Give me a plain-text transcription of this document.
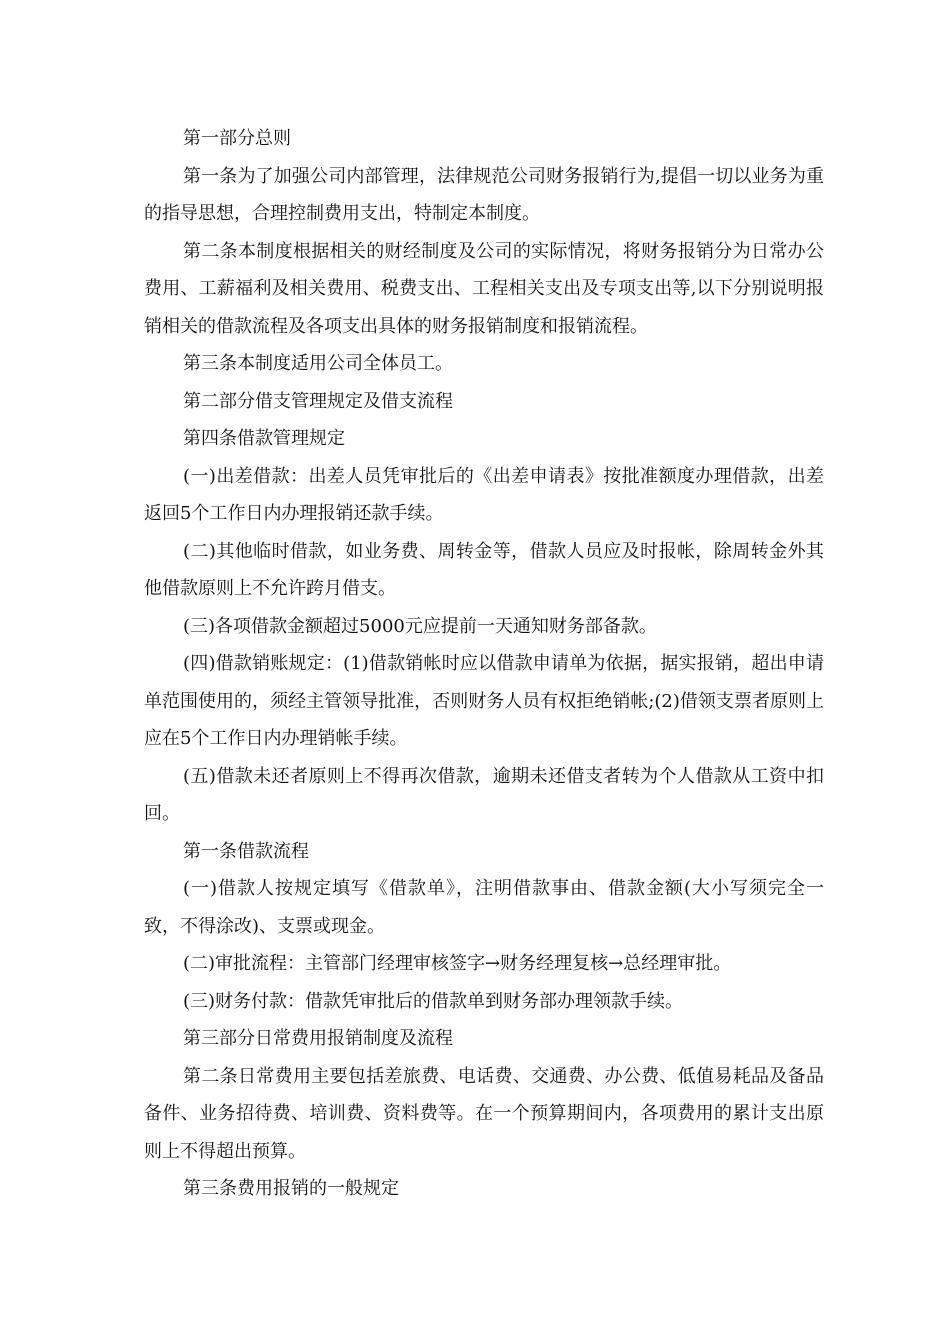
第一部分总则

第一条为了加强公司内部管理，法律规范公司财务报销行为,提倡一切以业务为重的指导思想，合理控制费用支出，特制定本制度。

第二条本制度根据相关的财经制度及公司的实际情况，将财务报销分为日常办公费用、工薪福利及相关费用、税费支出、工程相关支出及专项支出等,以下分别说明报销相关的借款流程及各项支出具体的财务报销制度和报销流程。

第三条本制度适用公司全体员工。

第二部分借支管理规定及借支流程

第四条借款管理规定

(一)出差借款：出差人员凭审批后的《出差申请表》按批准额度办理借款，出差返回5个工作日内办理报销还款手续。

(二)其他临时借款，如业务费、周转金等，借款人员应及时报帐，除周转金外其他借款原则上不允许跨月借支。

(三)各项借款金额超过5000元应提前一天通知财务部备款。

(四)借款销账规定：(1)借款销帐时应以借款申请单为依据，据实报销，超出申请单范围使用的，须经主管领导批准，否则财务人员有权拒绝销帐;(2)借领支票者原则上应在5个工作日内办理销帐手续。

(五)借款未还者原则上不得再次借款，逾期未还借支者转为个人借款从工资中扣回。

第一条借款流程

(一)借款人按规定填写《借款单》，注明借款事由、借款金额(大小写须完全一致，不得涂改)、支票或现金。

(二)审批流程：主管部门经理审核签字→财务经理复核→总经理审批。

(三)财务付款：借款凭审批后的借款单到财务部办理领款手续。

第三部分日常费用报销制度及流程

第二条日常费用主要包括差旅费、电话费、交通费、办公费、低值易耗品及备品备件、业务招待费、培训费、资料费等。在一个预算期间内，各项费用的累计支出原则上不得超出预算。

第三条费用报销的一般规定
